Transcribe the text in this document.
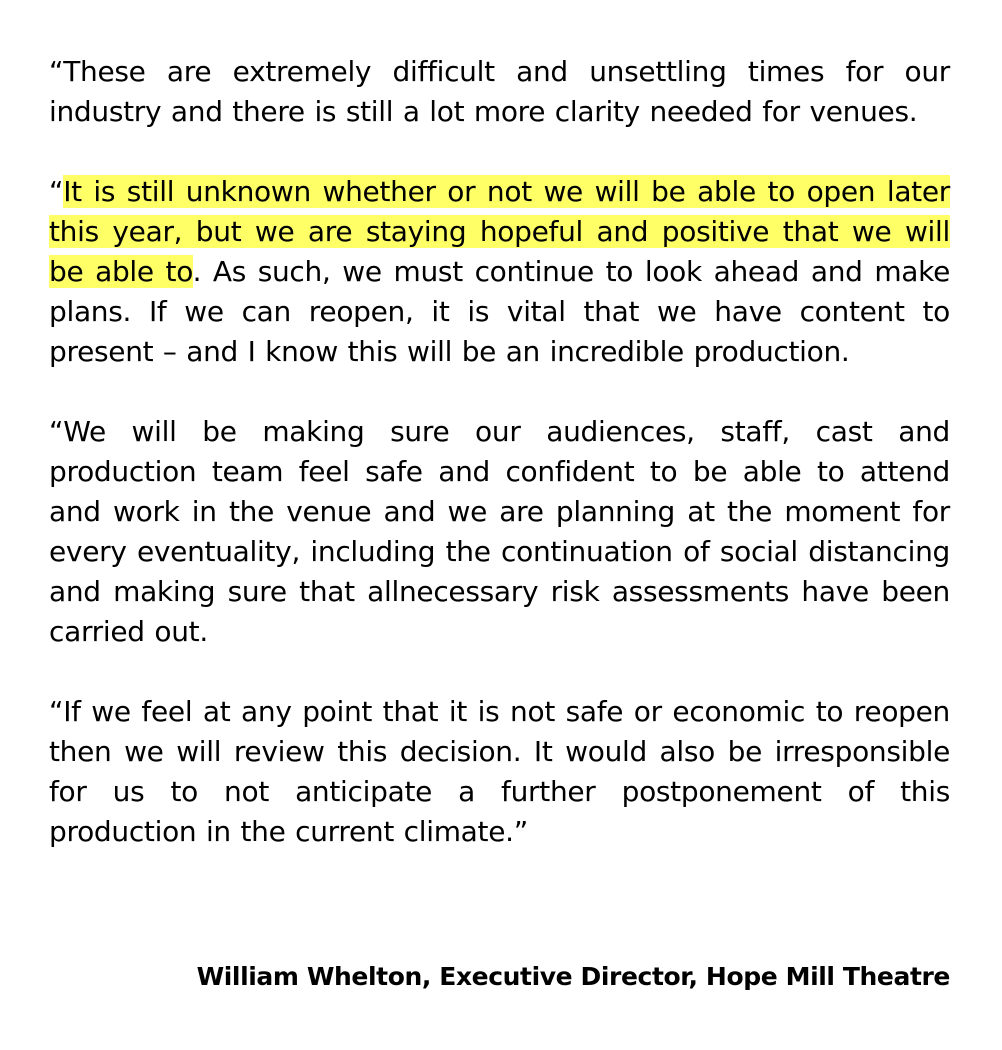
“These are extremely difficult and unsettling times for our industry and there is still a lot more clarity needed for venues.

“It is still unknown whether or not we will be able to open later this year, but we are staying hopeful and positive that we will be able to. As such, we must continue to look ahead and make plans. If we can reopen, it is vital that we have content to present – and I know this will be an incredible production.

“We will be making sure our audiences, staff, cast and production team feel safe and confident to be able to attend and work in the venue and we are planning at the moment for every eventuality, including the continuation of social distancing and making sure that allnecessary risk assessments have been carried out.

“If we feel at any point that it is not safe or economic to reopen then we will review this decision. It would also be irresponsible for us to not anticipate a further postponement of this production in the current climate.”

William Whelton, Executive Director, Hope Mill Theatre
